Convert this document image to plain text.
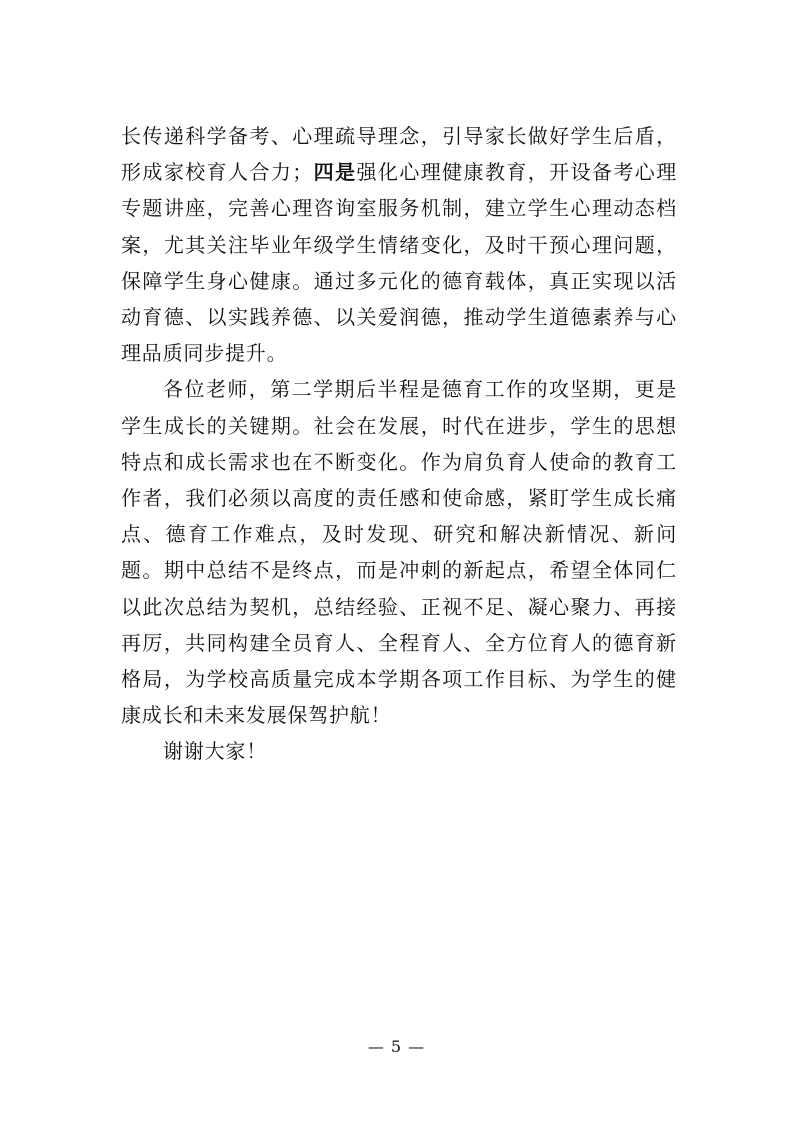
长传递科学备考、心理疏导理念，引导家长做好学生后盾，形成家校育人合力；四是强化心理健康教育，开设备考心理专题讲座，完善心理咨询室服务机制，建立学生心理动态档案，尤其关注毕业年级学生情绪变化，及时干预心理问题，保障学生身心健康。通过多元化的德育载体，真正实现以活动育德、以实践养德、以关爱润德，推动学生道德素养与心理品质同步提升。

各位老师，第二学期后半程是德育工作的攻坚期，更是学生成长的关键期。社会在发展，时代在进步，学生的思想特点和成长需求也在不断变化。作为肩负育人使命的教育工作者，我们必须以高度的责任感和使命感，紧盯学生成长痛点、德育工作难点，及时发现、研究和解决新情况、新问题。期中总结不是终点，而是冲刺的新起点，希望全体同仁以此次总结为契机，总结经验、正视不足、凝心聚力、再接再厉，共同构建全员育人、全程育人、全方位育人的德育新格局，为学校高质量完成本学期各项工作目标、为学生的健康成长和未来发展保驾护航！

谢谢大家！

— 5 —
